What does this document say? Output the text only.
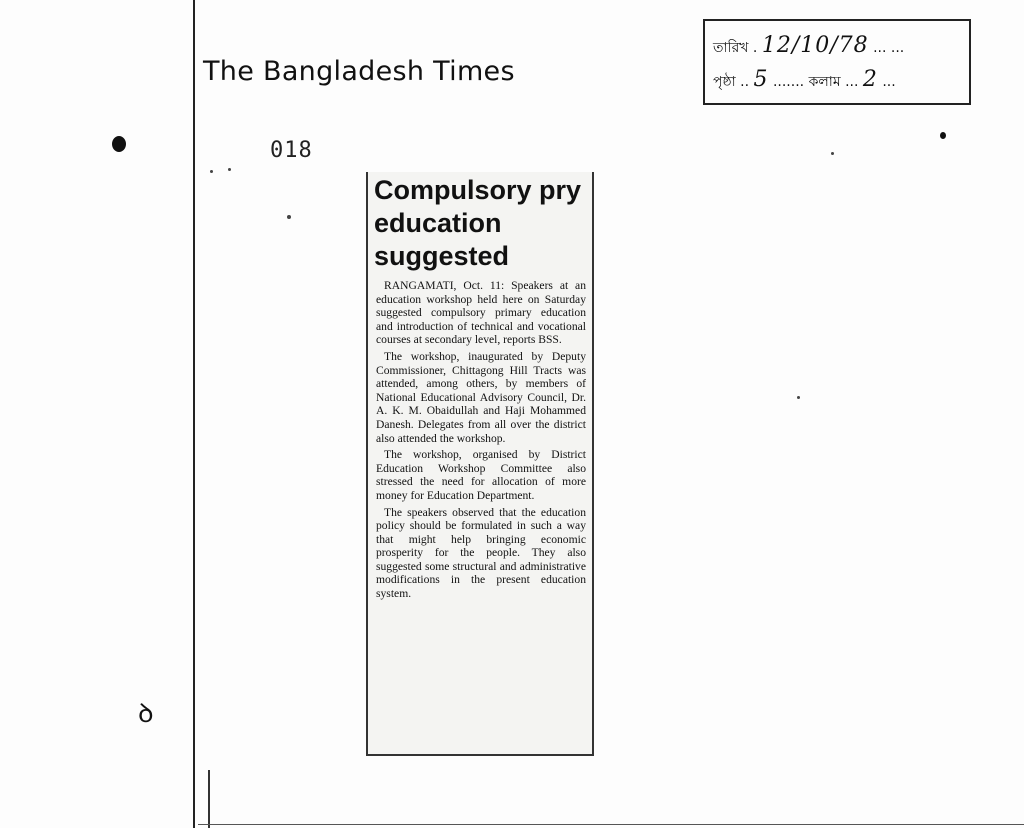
The Bangladesh Times
018
তারিখ . 12/10/78 ... ...
পৃষ্ঠা .. 5 ....... কলাম ... 2 ...
Compulsory pry education suggested

RANGAMATI, Oct. 11: Speakers at an education workshop held here on Saturday suggested compulsory primary education and introduction of technical and vocational courses at secondary level, reports BSS.

The workshop, inaugurated by Deputy Commissioner, Chittagong Hill Tracts was attended, among others, by members of National Educational Advisory Council, Dr. A. K. M. Obaidullah and Haji Mohammed Danesh. Delegates from all over the district also attended the workshop.

The workshop, organised by District Education Workshop Committee also stressed the need for allocation of more money for Education Department.

The speakers observed that the education policy should be formulated in such a way that might help bringing economic prosperity for the people. They also suggested some structural and administrative modifications in the present education system.

ꝺ
